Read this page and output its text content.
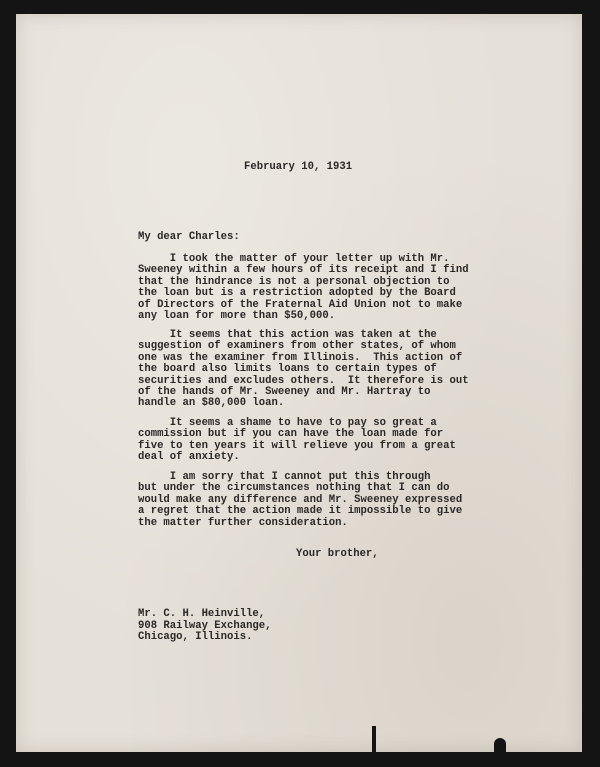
February 10, 1931
My dear Charles:
I took the matter of your letter up with Mr.
Sweeney within a few hours of its receipt and I find
that the hindrance is not a personal objection to
the loan but is a restriction adopted by the Board
of Directors of the Fraternal Aid Union not to make
any loan for more than $50,000.
It seems that this action was taken at the
suggestion of examiners from other states, of whom
one was the examiner from Illinois.  This action of
the board also limits loans to certain types of
securities and excludes others.  It therefore is out
of the hands of Mr. Sweeney and Mr. Hartray to
handle an $80,000 loan.
It seems a shame to have to pay so great a
commission but if you can have the loan made for
five to ten years it will relieve you from a great
deal of anxiety.
I am sorry that I cannot put this through
but under the circumstances nothing that I can do
would make any difference and Mr. Sweeney expressed
a regret that the action made it impossible to give
the matter further consideration.
Your brother,
Mr. C. H. Heinville,
908 Railway Exchange,
Chicago, Illinois.
